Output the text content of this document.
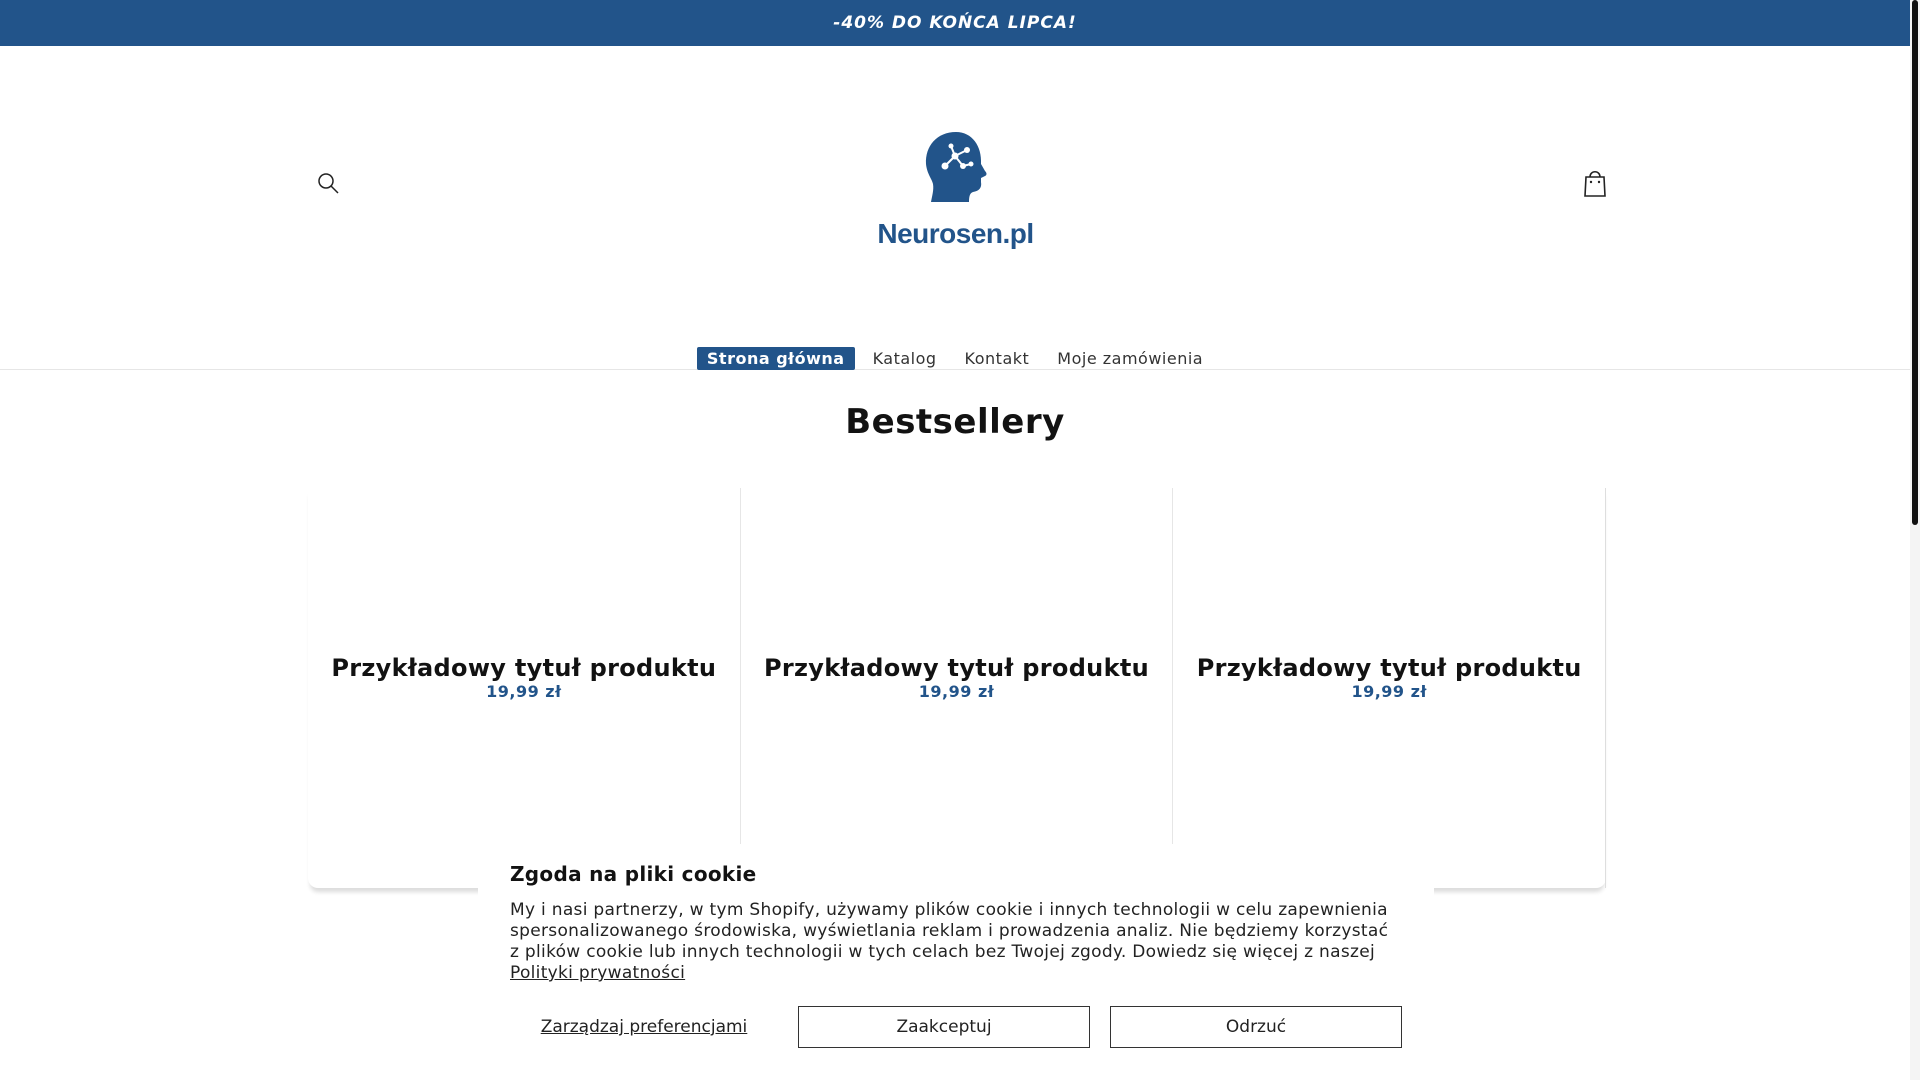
-40% DO KOŃCA LIPCA!
Neurosen.pl
Strona główna	Katalog	Kontakt	Moje zamówienia
Bestsellery
Przykładowy tytuł produktu
19,99 zł
Przykładowy tytuł produktu
19,99 zł
Przykładowy tytuł produktu
19,99 zł
Zgoda na pliki cookie

My i nasi partnerzy, w tym Shopify, używamy plików cookie i innych technologii w celu zapewnienia spersonalizowanego środowiska, wyświetlania reklam i prowadzenia analiz. Nie będziemy korzystać z plików cookie lub innych technologii w tych celach bez Twojej zgody. Dowiedz się więcej z naszej Polityki prywatności

Zarządzaj preferencjami	Zaakceptuj	Odrzuć
